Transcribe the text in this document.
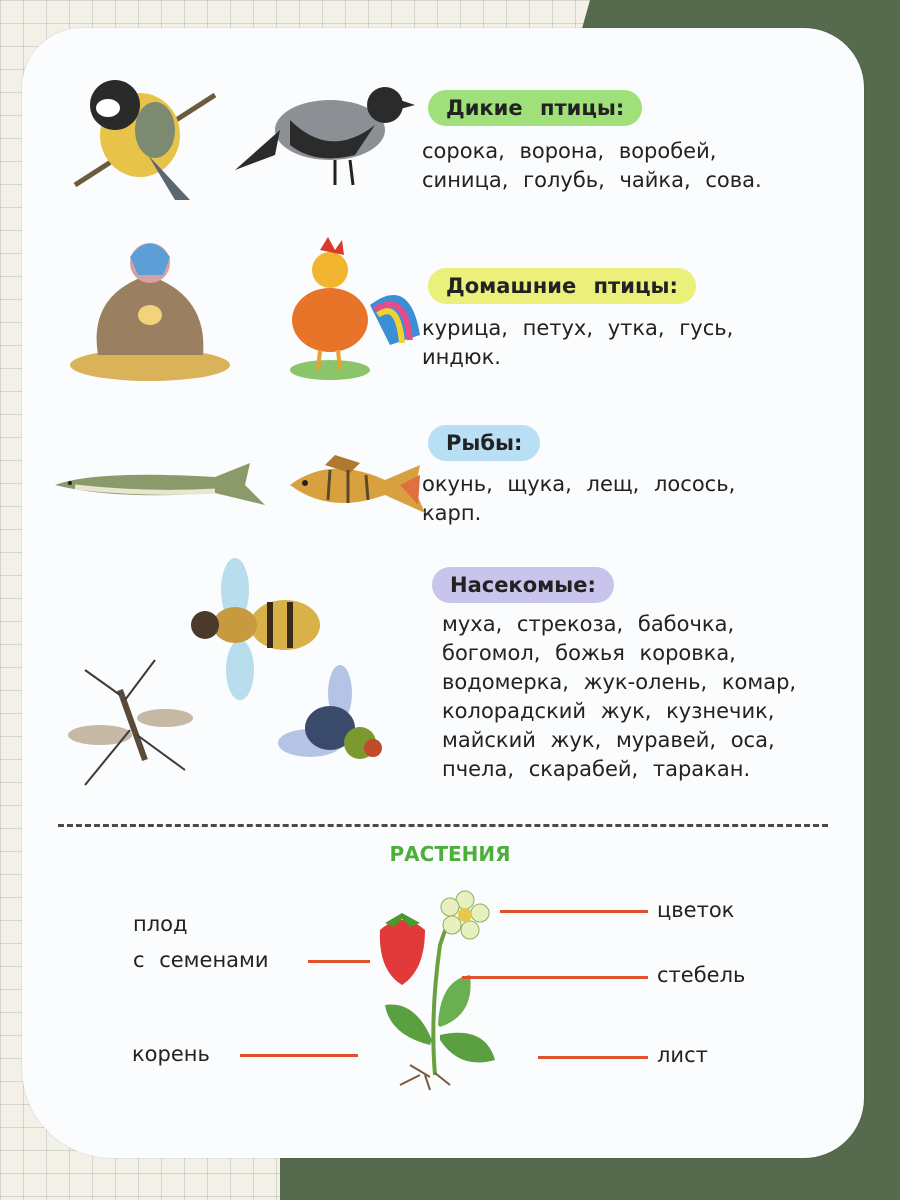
Дикие птицы:
сорока, ворона, воробей,
синица, голубь, чайка, сова.
Домашние птицы:
курица, петух, утка, гусь,
индюк.
Рыбы:
окунь, щука, лещ, лосось,
карп.
Насекомые:
муха, стрекоза, бабочка,
богомол, божья коровка,
водомерка, жук-олень, комар,
колорадский жук, кузнечик,
майский жук, муравей, оса,
пчела, скарабей, таракан.
РАСТЕНИЯ
плод
с семенами
цветок
стебель
корень	лист
